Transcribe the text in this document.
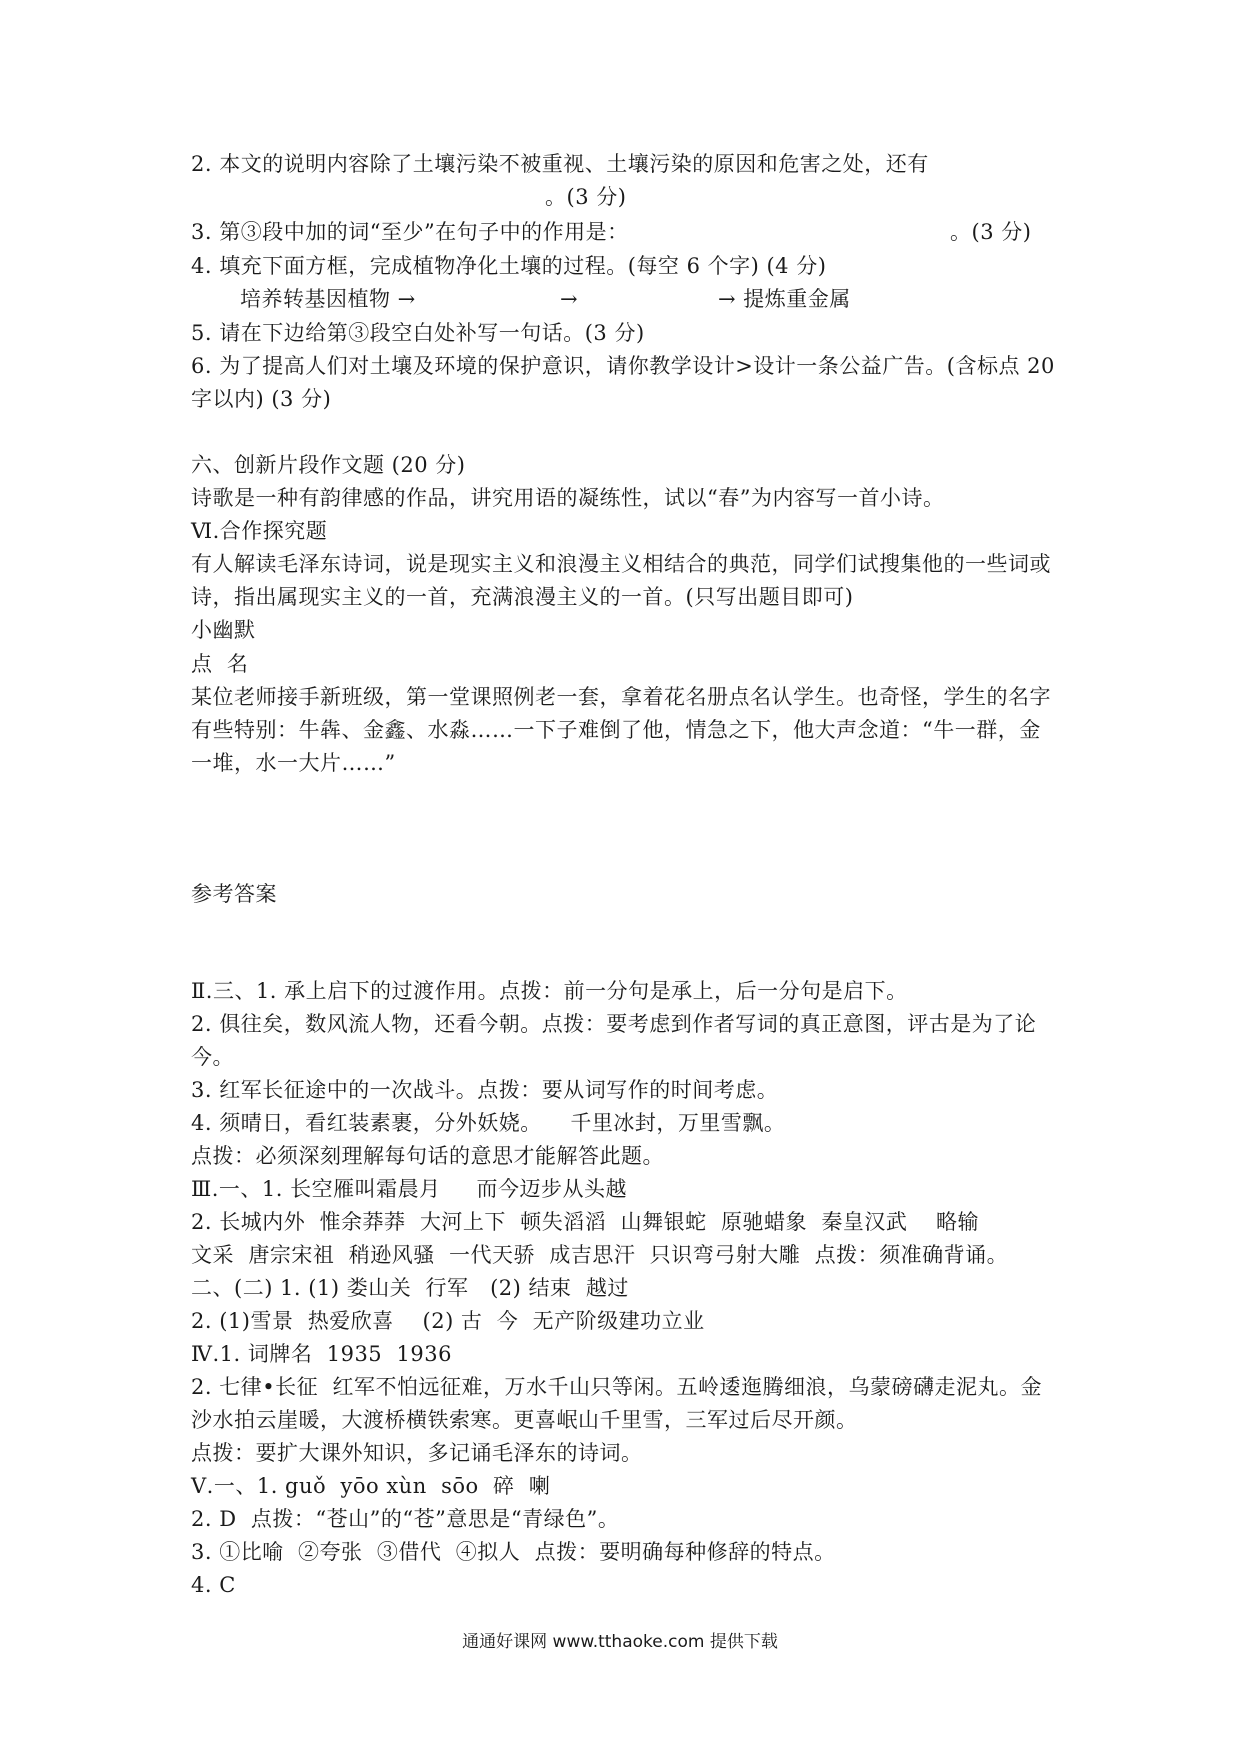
2. 本文的说明内容除了土壤污染不被重视、土壤污染的原因和危害之处，还有
。(3 分)
3. 第③段中加的词“至少”在句子中的作用是：	。(3 分)
4. 填充下面方框，完成植物净化土壤的过程。(每空 6 个字) (4 分)
培养转基因植物 →	→	→ 提炼重金属
5. 请在下边给第③段空白处补写一句话。(3 分)
6. 为了提高人们对土壤及环境的保护意识，请你教学设计>设计一条公益广告。(含标点 20
字以内) (3 分)
六、创新片段作文题 (20 分)
诗歌是一种有韵律感的作品，讲究用语的凝练性，试以“春”为内容写一首小诗。
Ⅵ.合作探究题
有人解读毛泽东诗词，说是现实主义和浪漫主义相结合的典范，同学们试搜集他的一些词或
诗，指出属现实主义的一首，充满浪漫主义的一首。(只写出题目即可)
小幽默
点  名
某位老师接手新班级，第一堂课照例老一套，拿着花名册点名认学生。也奇怪，学生的名字
有些特别：牛犇、金鑫、水淼……一下子难倒了他，情急之下，他大声念道：“牛一群，金
一堆，水一大片……”
参考答案
Ⅱ.三、1. 承上启下的过渡作用。点拨：前一分句是承上，后一分句是启下。
2. 俱往矣，数风流人物，还看今朝。点拨：要考虑到作者写词的真正意图，评古是为了论
今。
3. 红军长征途中的一次战斗。点拨：要从词写作的时间考虑。
4. 须晴日，看红装素裹，分外妖娆。    千里冰封，万里雪飘。
点拨：必须深刻理解每句话的意思才能解答此题。
Ⅲ.一、1. 长空雁叫霜晨月     而今迈步从头越
2. 长城内外  惟余莽莽  大河上下  顿失滔滔  山舞银蛇  原驰蜡象  秦皇汉武    略输
文采  唐宗宋祖  稍逊风骚  一代天骄  成吉思汗  只识弯弓射大雕  点拨：须准确背诵。
二、(二) 1. (1) 娄山关  行军   (2) 结束  越过
2. (1)雪景  热爱欣喜    (2) 古  今  无产阶级建功立业
Ⅳ.1. 词牌名  1935  1936
2. 七律•长征  红军不怕远征难，万水千山只等闲。五岭逶迤腾细浪，乌蒙磅礴走泥丸。金
沙水拍云崖暖，大渡桥横铁索寒。更喜岷山千里雪，三军过后尽开颜。
点拨：要扩大课外知识，多记诵毛泽东的诗词。
Ⅴ.一、1. guǒ  yōo xùn  sōo  碎  喇
2. D  点拨：“苍山”的“苍”意思是“青绿色”。
3. ①比喻  ②夸张  ③借代  ④拟人  点拨：要明确每种修辞的特点。
4. C
通通好课网 www.tthaoke.com 提供下载
